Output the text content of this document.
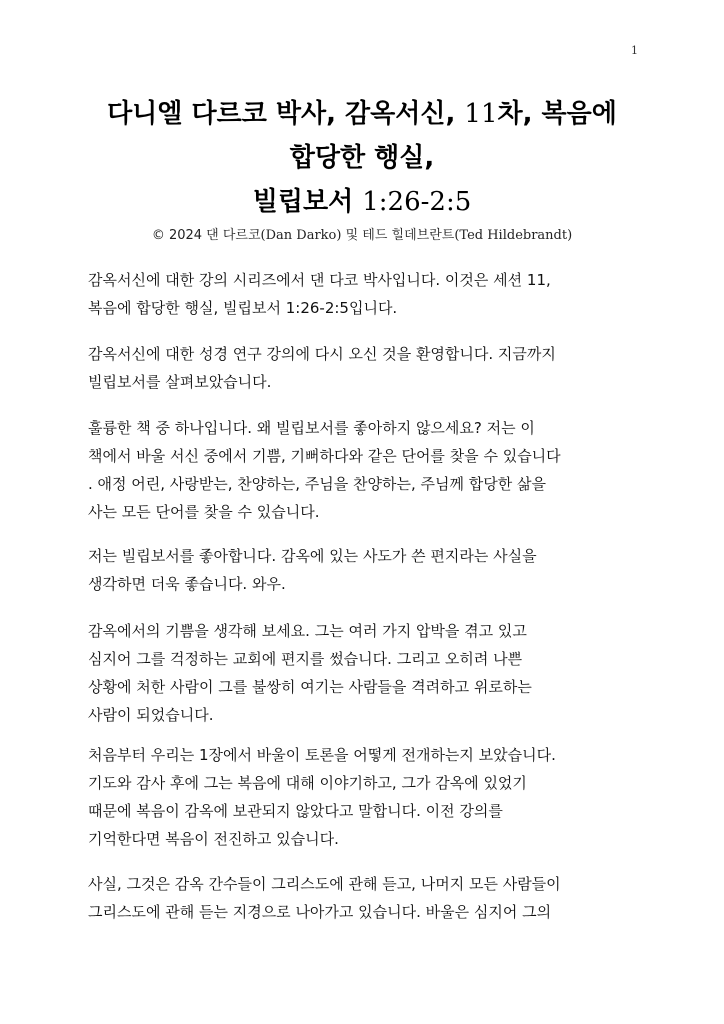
1
다니엘 다르코 박사, 감옥서신, 11차, 복음에
합당한 행실,
빌립보서 1:26-2:5
© 2024 댄 다르코(Dan Darko) 및 테드 힐데브란트(Ted Hildebrandt)

감옥서신에 대한 강의 시리즈에서 댄 다코 박사입니다. 이것은 세션 11,
복음에 합당한 행실, 빌립보서 1:26-2:5입니다.

감옥서신에 대한 성경 연구 강의에 다시 오신 것을 환영합니다. 지금까지
빌립보서를 살펴보았습니다.

훌륭한 책 중 하나입니다. 왜 빌립보서를 좋아하지 않으세요? 저는 이
책에서 바울 서신 중에서 기쁨, 기뻐하다와 같은 단어를 찾을 수 있습니다
. 애정 어린, 사랑받는, 찬양하는, 주님을 찬양하는, 주님께 합당한 삶을
사는 모든 단어를 찾을 수 있습니다.

저는 빌립보서를 좋아합니다. 감옥에 있는 사도가 쓴 편지라는 사실을
생각하면 더욱 좋습니다. 와우.

감옥에서의 기쁨을 생각해 보세요. 그는 여러 가지 압박을 겪고 있고
심지어 그를 걱정하는 교회에 편지를 썼습니다. 그리고 오히려 나쁜
상황에 처한 사람이 그를 불쌍히 여기는 사람들을 격려하고 위로하는
사람이 되었습니다.

처음부터 우리는 1장에서 바울이 토론을 어떻게 전개하는지 보았습니다.
기도와 감사 후에 그는 복음에 대해 이야기하고, 그가 감옥에 있었기
때문에 복음이 감옥에 보관되지 않았다고 말합니다. 이전 강의를
기억한다면 복음이 전진하고 있습니다.

사실, 그것은 감옥 간수들이 그리스도에 관해 듣고, 나머지 모든 사람들이
그리스도에 관해 듣는 지경으로 나아가고 있습니다. 바울은 심지어 그의
